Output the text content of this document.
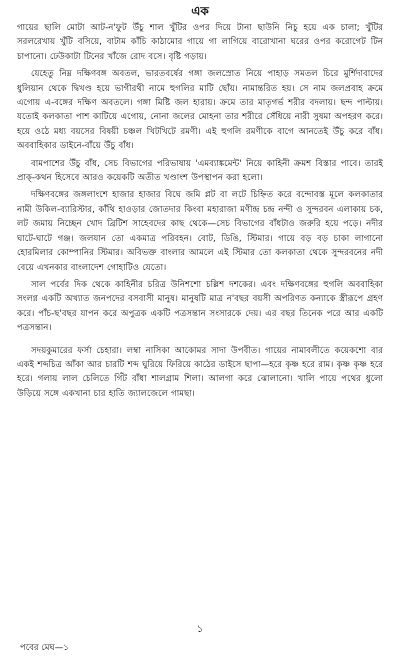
এক

গায়ের ছালি মোটা আট-ন'ফুট উঁচু শাল খুঁটির ওপর দিয়ে টানা ছাউনি নিচু হয়ে এক চালা; খুঁটির সরলরেখায় খুঁটি বসিয়ে, বাটাম কাঁচি কাঠামোর গায়ে গা লাগিয়ে বারোখানা ঘরের ওপর করোগেট টিন চাপানো। ঢেউকাটা টিনের খাঁজে রোদ বসে। বৃষ্টি গড়ায়।

যেহেতু নিম্ন দক্ষিণবঙ্গ অবতল, ভারতবর্ষের গঙ্গা জলস্রোত নিয়ে পাহাড় সমতল চিরে মুর্শিদাবাদের ধুলিয়ান থেকে দ্বিখণ্ড হয়ে ভাগীরথী নামে হুগলির মাটি ছোঁয়। নামান্তরিত হয়। সে নাম জলপ্রবাহ ক্রমে এগোয় এ-বঙ্গের দক্ষিণ অবতলে। গঙ্গা মিষ্টি জল হারায়। ক্রমে তার মাতৃগর্ভ শরীর বদলায়। ছন্দ পাল্টায়। যতোই কলকাতা পাশ কাটিয়ে এগোয়, নোনা জলের মোহনা তার শরীরে সেঁধিয়ে নারী সুষমা অপহরণ করে। হয়ে ওঠে মধ্য বয়সের বিষয়ী চঞ্চল খিটখিটে রমণী। এই হুগলি রমণীকে বাগে আনতেই উঁচু করে বাঁধ। অববাহিকার ডাইনে-বাঁয়ে উঁচু বাঁধ।

বামপাশের উঁচু বাঁধ, সেচ বিভাগের পরিভাষায় 'এমব্যাঙ্কমেন্ট' নিয়ে কাহিনী ক্রমশ বিস্তার পাবে। তারই প্রাক্-কথন হিসেবে আরও কয়েকটি অতীত খণ্ডাংশ উপস্থাপন করা হলো।

দক্ষিণবঙ্গের জঙ্গলাংশে হাজার হাজার বিঘে জমি প্লট বা লটে চিহ্নিত করে বন্দোবস্ত মূলে কলকাতার নামী উকিল-ব্যারিস্টার, কাঁথি হাওড়ার জোতদার কিংবা মহারাজা মণীন্দ্র চন্দ্র নন্দী ও সুন্দরবন এলাকায় চক, লট জমায় নিচ্ছেন খোদ ব্রিটিশ সাহেবদের কাছ থেকে—সেচ বিভাগের বাঁধটাও জরুরি হয়ে পড়ে। নদীর ঘাটে-ঘাটে গঞ্জ। জলযান তো একমাত্র পরিবহন। বোট, ডিঙি, স্টিমার। গায়ে বড় বড় চাকা লাগানো হোরমিলার কোম্পানির স্টিমার। অবিভক্ত বাংলার আমলে এই স্টিমার তো কলকাতা থেকে সুন্দরবনের নদী বেয়ে এখনকার বাংলাদেশ গোহাটিও যেতো।

সাল পর্বের দিক থেকে কাহিনীর চরিত্র উনিশশো চল্লিশ দশকের। এবং দক্ষিণবঙ্গের হুগলি অববাহিকা সংলগ্ন একটি অখ্যাত জনপদের বসবাসী মানুষ। মানুষটি মাত্র ন'বছর বয়সী অপরিণত কন্যাকে স্ত্রীরূপে গ্রহণ করে। পাঁচ-ছ'বছর যাপন করে অপুত্রক একটি পত্রসন্তান সংসারকে দেয়। এর বছর তিনেক পরে আর একটি পত্রসন্তান।

সদয়কুমারের ফর্সা চেহারা। লম্বা নাসিকা আকোমর সাদা উপবীত। গায়ের নামাবলীতে কয়েকশো বার একই শব্দচিত্র আঁকা আর চারটি শব্দ ঘুরিয়ে ফিরিয়ে কাঠের ডাইসে ছাপা—হরে কৃষ্ণ হরে রাম। কৃষ্ণ কৃষ্ণ হরে হরে। গলায় লাল চেলিতে গিঁট বাঁধা শালগ্রাম শিলা। আলগা করে ঝোলানো। খালি পায়ে পথের ধুলো উড়িয়ে সঙ্গে একখানা চার হাতি জ্যালজেলে গামছা।

১
পবের মেঘ—১
